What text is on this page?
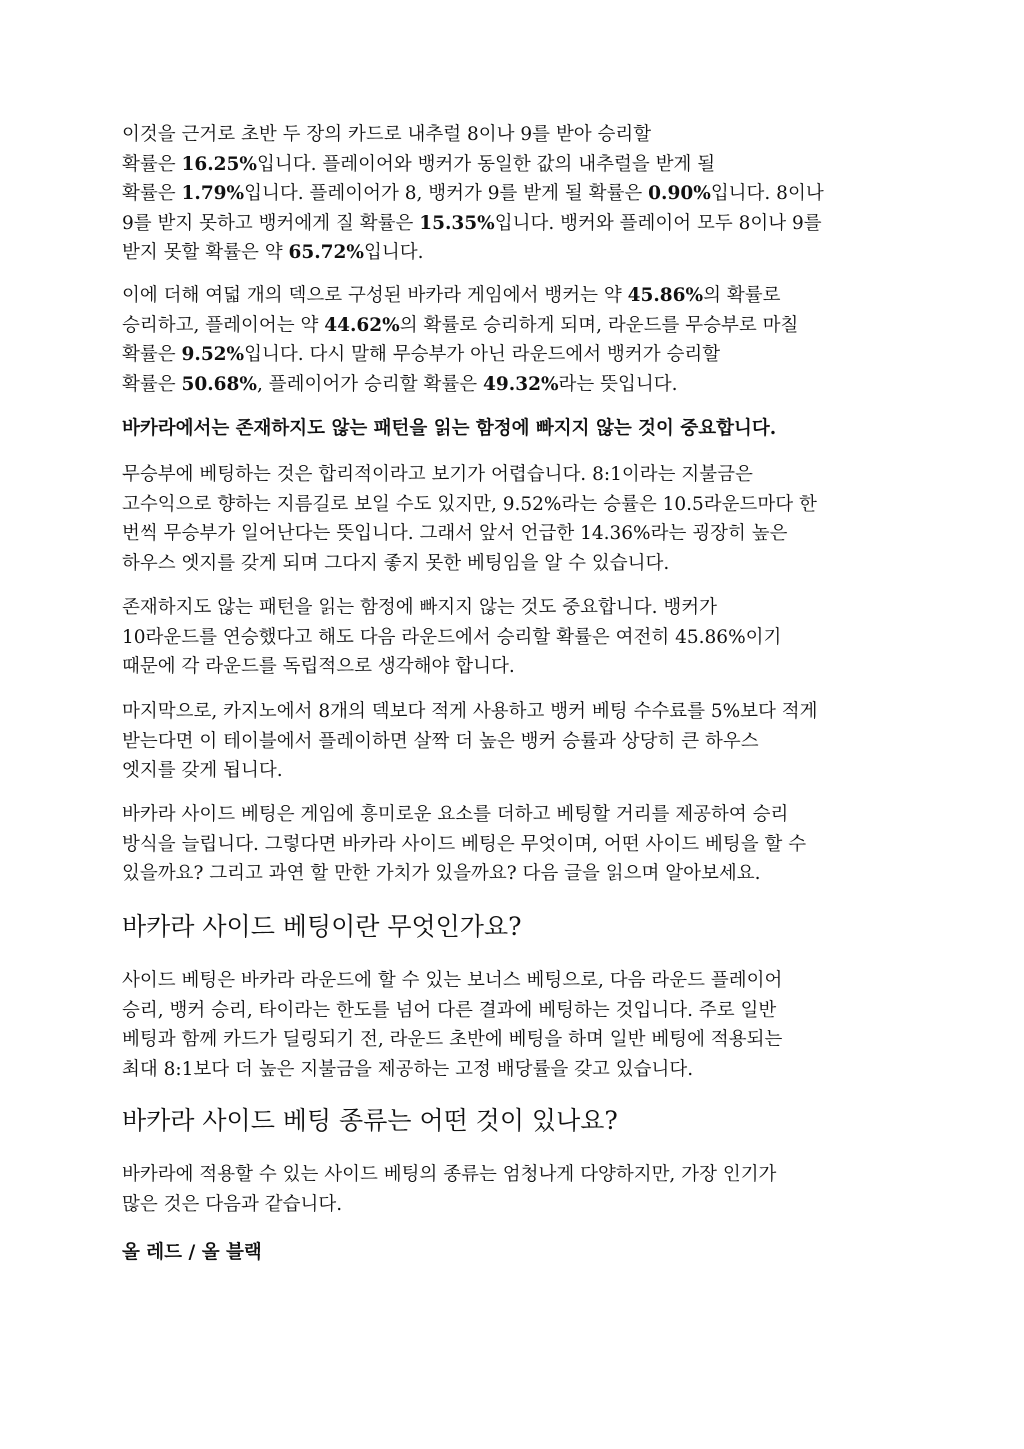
이것을 근거로 초반 두 장의 카드로 내추럴 8이나 9를 받아 승리할
확률은 16.25%입니다. 플레이어와 뱅커가 동일한 값의 내추럴을 받게 될
확률은 1.79%입니다. 플레이어가 8, 뱅커가 9를 받게 될 확률은 0.90%입니다. 8이나
9를 받지 못하고 뱅커에게 질 확률은 15.35%입니다. 뱅커와 플레이어 모두 8이나 9를
받지 못할 확률은 약 65.72%입니다.
이에 더해 여덟 개의 덱으로 구성된 바카라 게임에서 뱅커는 약 45.86%의 확률로
승리하고, 플레이어는 약 44.62%의 확률로 승리하게 되며, 라운드를 무승부로 마칠
확률은 9.52%입니다. 다시 말해 무승부가 아닌 라운드에서 뱅커가 승리할
확률은 50.68%, 플레이어가 승리할 확률은 49.32%라는 뜻입니다.
바카라에서는 존재하지도 않는 패턴을 읽는 함정에 빠지지 않는 것이 중요합니다.
무승부에 베팅하는 것은 합리적이라고 보기가 어렵습니다. 8:1이라는 지불금은
고수익으로 향하는 지름길로 보일 수도 있지만, 9.52%라는 승률은 10.5라운드마다 한
번씩 무승부가 일어난다는 뜻입니다. 그래서 앞서 언급한 14.36%라는 굉장히 높은
하우스 엣지를 갖게 되며 그다지 좋지 못한 베팅임을 알 수 있습니다.
존재하지도 않는 패턴을 읽는 함정에 빠지지 않는 것도 중요합니다. 뱅커가
10라운드를 연승했다고 해도 다음 라운드에서 승리할 확률은 여전히 45.86%이기
때문에 각 라운드를 독립적으로 생각해야 합니다.
마지막으로, 카지노에서 8개의 덱보다 적게 사용하고 뱅커 베팅 수수료를 5%보다 적게
받는다면 이 테이블에서 플레이하면 살짝 더 높은 뱅커 승률과 상당히 큰 하우스
엣지를 갖게 됩니다.
바카라 사이드 베팅은 게임에 흥미로운 요소를 더하고 베팅할 거리를 제공하여 승리
방식을 늘립니다. 그렇다면 바카라 사이드 베팅은 무엇이며, 어떤 사이드 베팅을 할 수
있을까요? 그리고 과연 할 만한 가치가 있을까요? 다음 글을 읽으며 알아보세요.
바카라 사이드 베팅이란 무엇인가요?
사이드 베팅은 바카라 라운드에 할 수 있는 보너스 베팅으로, 다음 라운드 플레이어
승리, 뱅커 승리, 타이라는 한도를 넘어 다른 결과에 베팅하는 것입니다. 주로 일반
베팅과 함께 카드가 딜링되기 전, 라운드 초반에 베팅을 하며 일반 베팅에 적용되는
최대 8:1보다 더 높은 지불금을 제공하는 고정 배당률을 갖고 있습니다.
바카라 사이드 베팅 종류는 어떤 것이 있나요?
바카라에 적용할 수 있는 사이드 베팅의 종류는 엄청나게 다양하지만, 가장 인기가
많은 것은 다음과 같습니다.
올 레드 / 올 블랙
